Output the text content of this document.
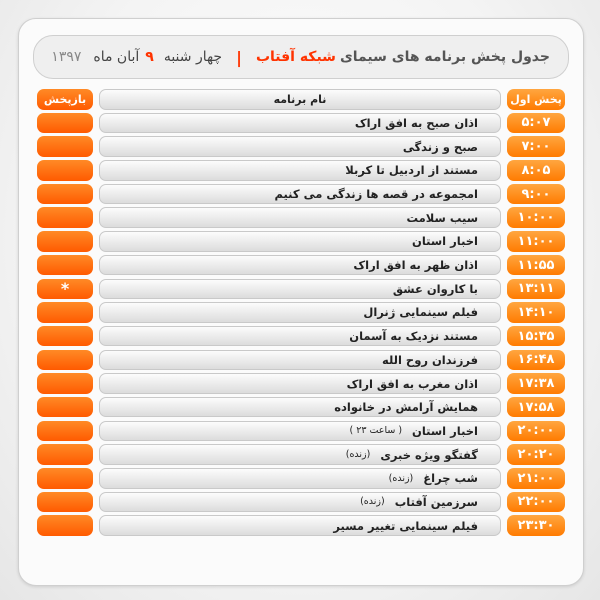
جدول پخش برنامه های سیمای
شبکه آفتاب
|
چهار شنبه
۹
آبان ماه
۱۳۹۷
پخش اول
نام برنامه
بازپخش
۵:۰۷
اذان صبح به افق اراک
۷:۰۰
صبح و زندگی
۸:۰۵
مستند از اردبیل تا کربلا
۹:۰۰
امجموعه در قصه ها زندگی می کنیم
۱۰:۰۰
سیب سلامت
۱۱:۰۰
اخبار استان
۱۱:۵۵
اذان ظهر به افق اراک
۱۳:۱۱
با کاروان عشق
*
۱۴:۱۰
فیلم سینمایی ژنرال
۱۵:۳۵
مستند نزدیک به آسمان
۱۶:۴۸
فرزندان روح الله
۱۷:۳۸
اذان مغرب به افق اراک
۱۷:۵۸
همایش آرامش در خانواده
۲۰:۰۰
اخبار استان
( ساعت ۲۳ )
۲۰:۲۰
گفتگو ویژه خبری
(زنده)
۲۱:۰۰
شب چراغ
(زنده)
۲۲:۰۰
سرزمین آفتاب
(زنده)
۲۳:۳۰
فیلم سینمایی تغییر مسیر
